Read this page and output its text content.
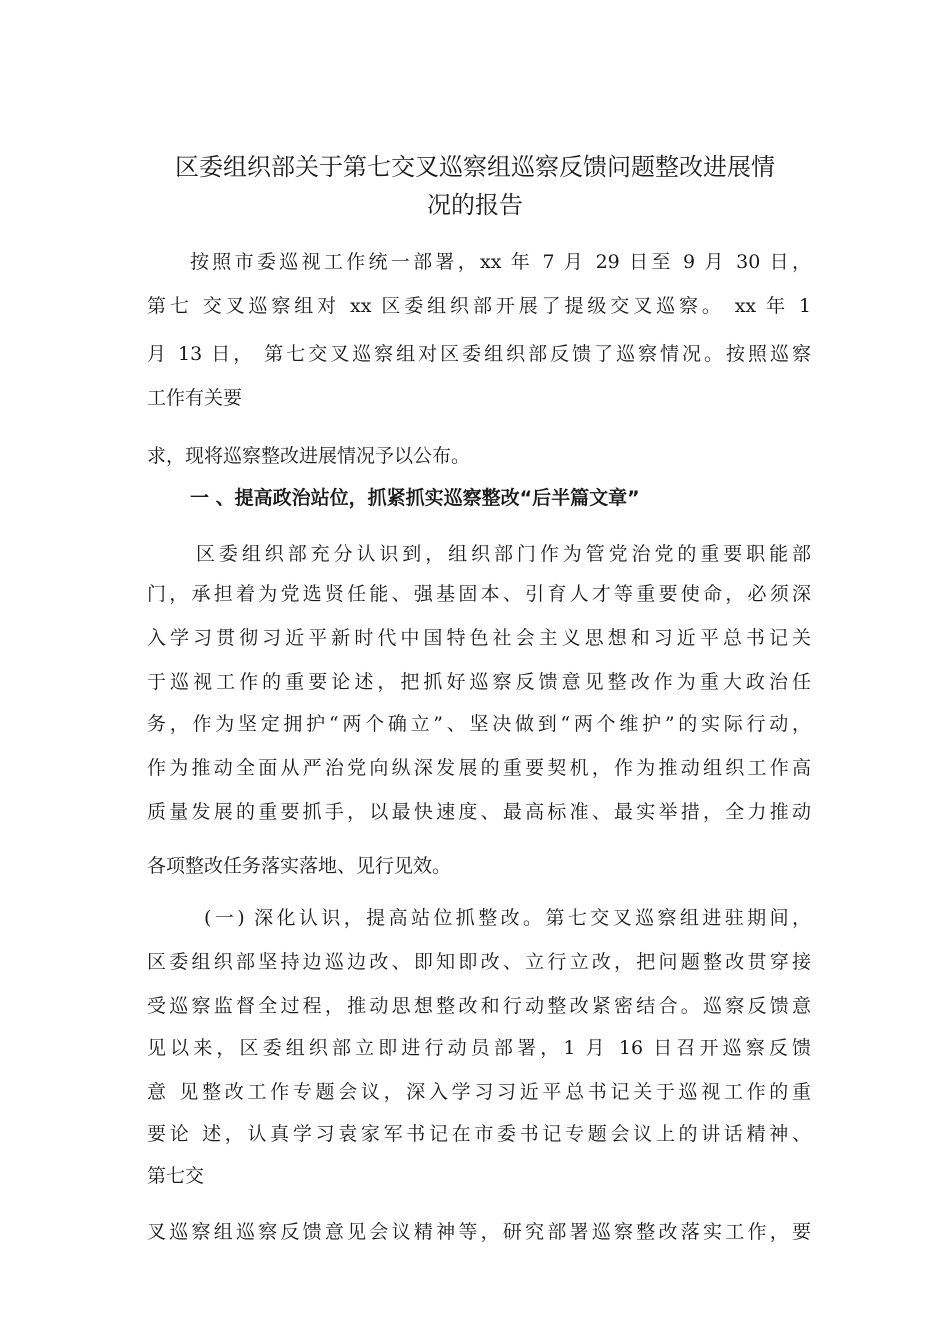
区委组织部关于第七交叉巡察组巡察反馈问题整改进展情
况的报告
按照市委巡视工作统一部署，xx 年 7 月 29 日至 9 月 30 日，
第七 交叉巡察组对 xx 区委组织部开展了提级交叉巡察。 xx 年 1
月 13 日， 第七交叉巡察组对区委组织部反馈了巡察情况。按照巡察
工作有关要
求，现将巡察整改进展情况予以公布。
一 、提高政治站位，抓紧抓实巡察整改“后半篇文章”
区委组织部充分认识到，组织部门作为管党治党的重要职能部
门，承担着为党选贤任能、强基固本、引育人才等重要使命，必须深
入学习贯彻习近平新时代中国特色社会主义思想和习近平总书记关
于巡视工作的重要论述，把抓好巡察反馈意见整改作为重大政治任
务，作为坚定拥护“两个确立”、坚决做到“两个维护”的实际行动，
作为推动全面从严治党向纵深发展的重要契机，作为推动组织工作高
质量发展的重要抓手，以最快速度、最高标准、最实举措，全力推动
各项整改任务落实落地、见行见效。
(一) 深化认识，提高站位抓整改。第七交叉巡察组进驻期间，
区委组织部坚持边巡边改、即知即改、立行立改，把问题整改贯穿接
受巡察监督全过程，推动思想整改和行动整改紧密结合。巡察反馈意
见以来，区委组织部立即进行动员部署，1 月 16 日召开巡察反馈
意 见整改工作专题会议，深入学习习近平总书记关于巡视工作的重
要论 述，认真学习袁家军书记在市委书记专题会议上的讲话精神、
第七交
叉巡察组巡察反馈意见会议精神等，研究部署巡察整改落实工作，要
